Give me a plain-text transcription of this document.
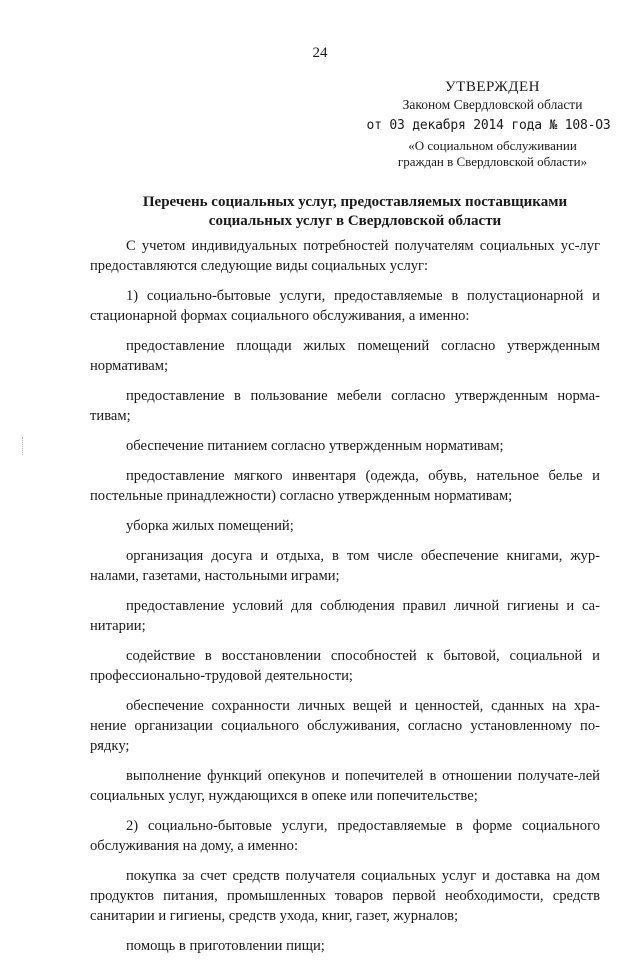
24
УТВЕРЖДЕН
Законом Свердловской области
от 03 декабря 2014 года № 108-ОЗ
«О социальном обслуживании
граждан в Свердловской области»
Перечень социальных услуг, предоставляемых поставщиками
социальных услуг в Свердловской области

С учетом индивидуальных потребностей получателям социальных ус-луг предоставляются следующие виды социальных услуг:

1) социально-бытовые услуги, предоставляемые в полустационарной и стационарной формах социального обслуживания, а именно:

предоставление площади жилых помещений согласно утвержденным нормативам;

предоставление в пользование мебели согласно утвержденным норма-тивам;

обеспечение питанием согласно утвержденным нормативам;

предоставление мягкого инвентаря (одежда, обувь, нательное белье и постельные принадлежности) согласно утвержденным нормативам;

уборка жилых помещений;

организация досуга и отдыха, в том числе обеспечение книгами, жур-налами, газетами, настольными играми;

предоставление условий для соблюдения правил личной гигиены и са-нитарии;

содействие в восстановлении способностей к бытовой, социальной и профессионально-трудовой деятельности;

обеспечение сохранности личных вещей и ценностей, сданных на хра-нение организации социального обслуживания, согласно установленному по-рядку;

выполнение функций опекунов и попечителей в отношении получате-лей социальных услуг, нуждающихся в опеке или попечительстве;

2) социально-бытовые услуги, предоставляемые в форме социального обслуживания на дому, а именно:

покупка за счет средств получателя социальных услуг и доставка на дом продуктов питания, промышленных товаров первой необходимости, средств санитарии и гигиены, средств ухода, книг, газет, журналов;

помощь в приготовлении пищи;
